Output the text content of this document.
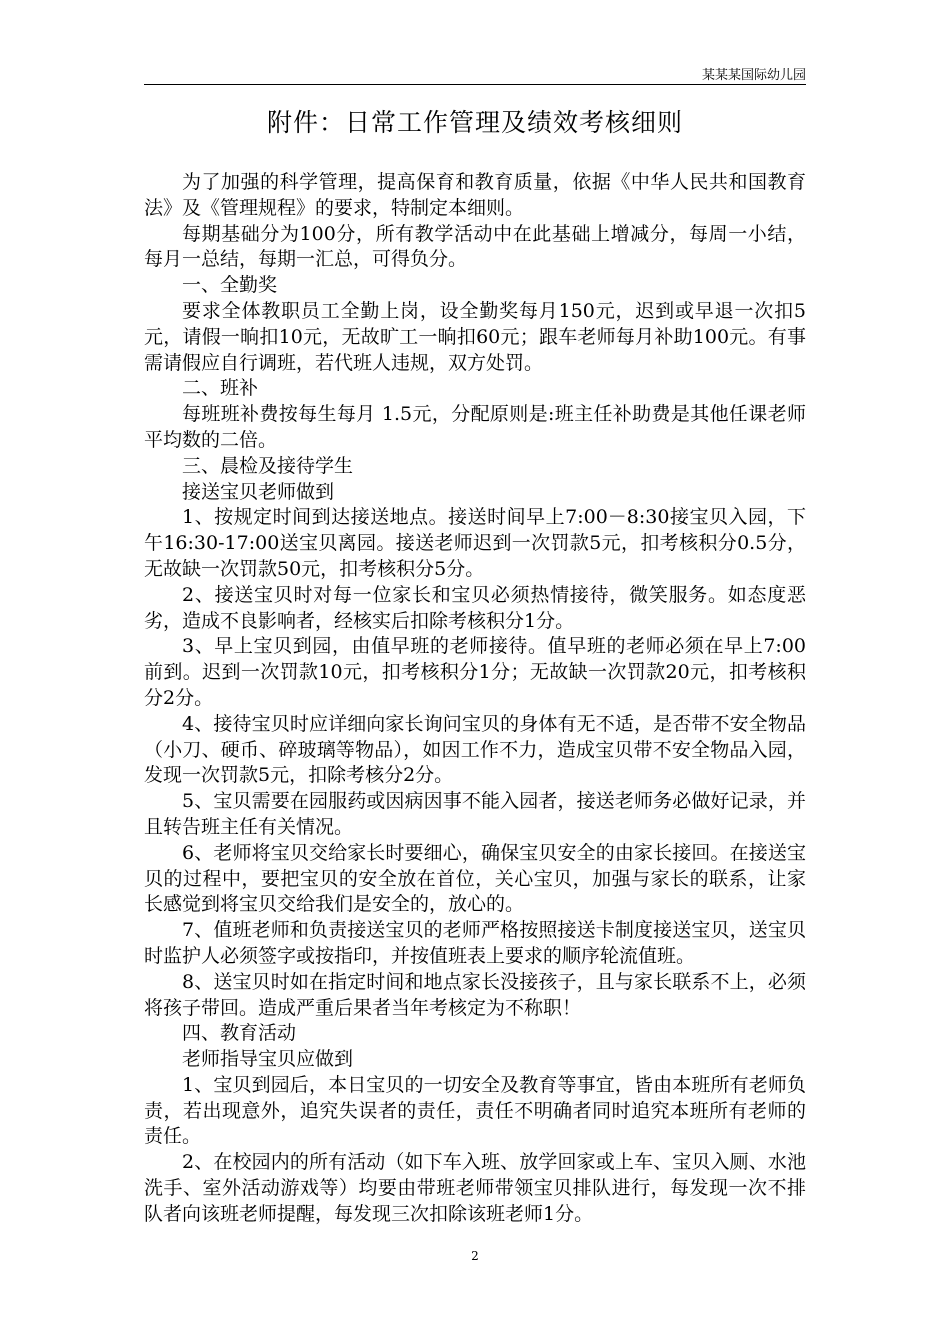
某某某国际幼儿园
附件：日常工作管理及绩效考核细则

为了加强的科学管理，提高保育和教育质量，依据《中华人民共和国教育法》及《管理规程》的要求，特制定本细则。

每期基础分为100分，所有教学活动中在此基础上增减分，每周一小结，每月一总结，每期一汇总，可得负分。

一、全勤奖

要求全体教职员工全勤上岗，设全勤奖每月150元，迟到或早退一次扣5元，请假一晌扣10元，无故旷工一晌扣60元；跟车老师每月补助100元。有事需请假应自行调班，若代班人违规，双方处罚。

二、班补

每班班补费按每生每月 1.5元，分配原则是:班主任补助费是其他任课老师平均数的二倍。

三、晨检及接待学生

接送宝贝老师做到

1、按规定时间到达接送地点。接送时间早上7:00－8:30接宝贝入园，下午16:30-17:00送宝贝离园。接送老师迟到一次罚款5元，扣考核积分0.5分，无故缺一次罚款50元，扣考核积分5分。

2、接送宝贝时对每一位家长和宝贝必须热情接待，微笑服务。如态度恶劣，造成不良影响者，经核实后扣除考核积分1分。

3、早上宝贝到园，由值早班的老师接待。值早班的老师必须在早上7:00前到。迟到一次罚款10元，扣考核积分1分；无故缺一次罚款20元，扣考核积分2分。

4、接待宝贝时应详细向家长询问宝贝的身体有无不适，是否带不安全物品（小刀、硬币、碎玻璃等物品），如因工作不力，造成宝贝带不安全物品入园，发现一次罚款5元，扣除考核分2分。

5、宝贝需要在园服药或因病因事不能入园者，接送老师务必做好记录，并且转告班主任有关情况。

6、老师将宝贝交给家长时要细心，确保宝贝安全的由家长接回。在接送宝贝的过程中，要把宝贝的安全放在首位，关心宝贝，加强与家长的联系，让家长感觉到将宝贝交给我们是安全的，放心的。

7、值班老师和负责接送宝贝的老师严格按照接送卡制度接送宝贝，送宝贝时监护人必须签字或按指印，并按值班表上要求的顺序轮流值班。

8、送宝贝时如在指定时间和地点家长没接孩子，且与家长联系不上，必须将孩子带回。造成严重后果者当年考核定为不称职！

四、教育活动

老师指导宝贝应做到

1、宝贝到园后，本日宝贝的一切安全及教育等事宜，皆由本班所有老师负责，若出现意外，追究失误者的责任，责任不明确者同时追究本班所有老师的责任。

2、在校园内的所有活动（如下车入班、放学回家或上车、宝贝入厕、水池洗手、室外活动游戏等）均要由带班老师带领宝贝排队进行，每发现一次不排队者向该班老师提醒，每发现三次扣除该班老师1分。

2
